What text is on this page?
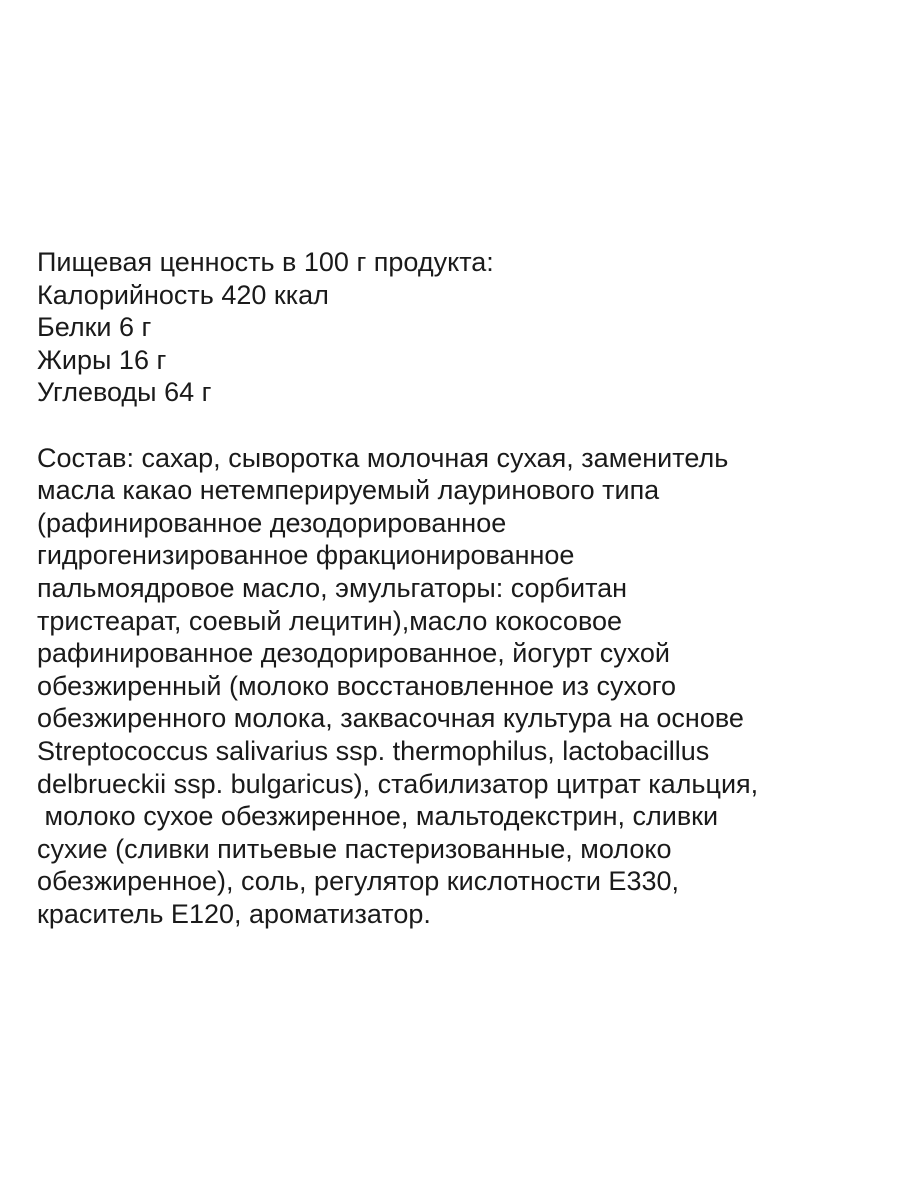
Пищевая ценность в 100 г продукта:
Калорийность 420 ккал
Белки 6 г
Жиры 16 г
Углеводы 64 г
Состав: сахар, сыворотка молочная сухая, заменитель
масла какао нетемперируемый лауринового типа
(рафинированное дезодорированное
гидрогенизированное фракционированное
пальмоядровое масло, эмульгаторы: сорбитан
тристеарат, соевый лецитин),масло кокосовое
рафинированное дезодорированное, йогурт сухой
обезжиренный (молоко восстановленное из сухого
обезжиренного молока, заквасочная культура на основе
Streptococcus salivarius ssp. thermophilus, lactobacillus
delbrueckii ssp. bulgaricus), стабилизатор цитрат кальция,
молоко сухое обезжиренное, мальтодекстрин, сливки
сухие (сливки питьевые пастеризованные, молоко
обезжиренное), соль, регулятор кислотности Е330,
краситель Е120, ароматизатор.
